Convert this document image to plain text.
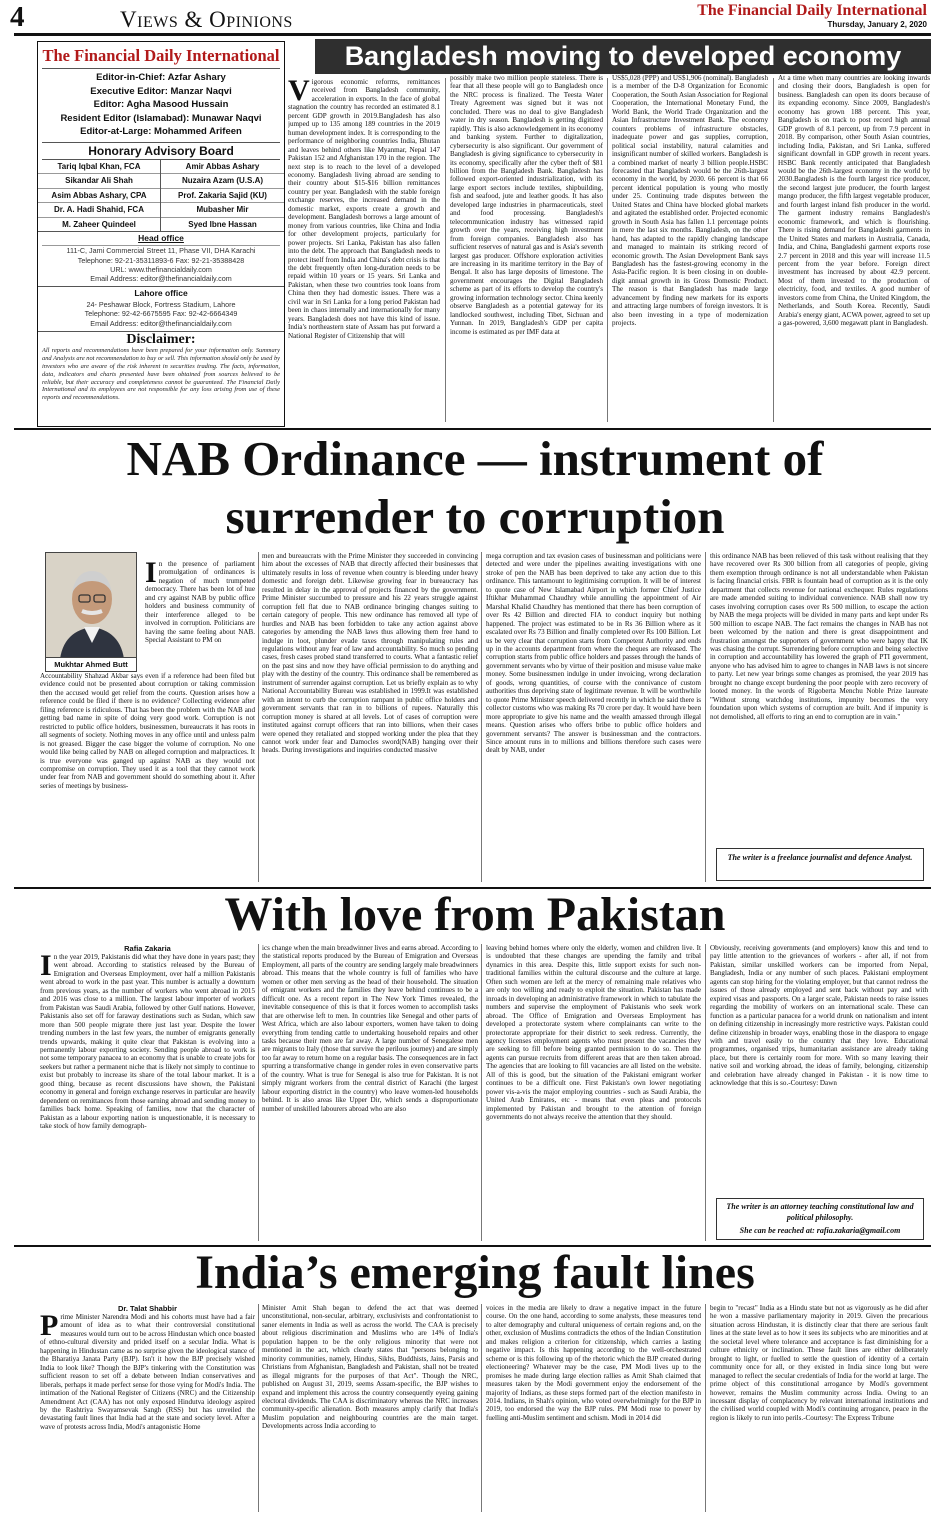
4	Views & Opinions	The Financial Daily International
Thursday, January 2, 2020
The Financial Daily International
Editor-in-Chief: Azfar Ashary
Executive Editor: Manzar Naqvi
Editor: Agha Masood Hussain
Resident Editor (Islamabad): Munawar Naqvi
Editor-at-Large: Mohammed Arifeen
Honorary Advisory Board
Tariq Iqbal Khan, FCA
Sikandar Ali Shah
Asim Abbas Ashary, CPA
Dr. A. Hadi Shahid, FCA
M. Zaheer Quindeel
Amir Abbas Ashary
Nuzaira Azam (U.S.A)
Prof. Zakaria Sajid (KU)
Mubasher Mir
Syed Ibne Hassan
Head office
111-C, Jami Commercial Street 11, Phase VII, DHA Karachi
Telephone: 92-21-35311893-6 Fax: 92-21-35388428
URL: www.thefinancialdaily.com
Email Address: editor@thefinancialdaily.com
Lahore office
24- Peshawar Block, Fortress Stadium, Lahore
Telephone: 92-42-6675595 Fax: 92-42-6664349
Email Address: editor@thefinancialdaily.com
Disclaimer:
All reports and recommendations have been prepared for your information only. Summary and Analysis are not recommendation to buy or sell. This information should only be used by investors who are aware of the risk inherent in securities trading. The facts, information, data, indicators and charts presented have been obtained from sources believed to be reliable, but their accuracy and completeness cannot be guaranteed. The Financial Daily International and its employees are not responsible for any loss arising from use of these reports and recommendations.
Bangladesh moving to developed economy
Vigorous economic reforms, remittances received from Bangladesh community, acceleration in exports. In the face of global stagnation the country has recorded an estimated 8.1 percent GDP growth in 2019.Bangladesh has also jumped up to 135 among 189 countries in the 2019 human development index. It is corresponding to the performance of neighboring countries India, Bhutan and leaves behind others like Myanmar, Nepal 147 Pakistan 152 and Afghanistan 170 in the region. The next step is to reach to the level of a developed economy. Bangladesh living abroad are sending to their country about $15-$16 billion remittances country per year. Bangladesh with the stable foreign exchange reserves, the increased demand in the domestic market, exports create a growth and development. Bangladesh borrows a large amount of money from various countries, like China and India for other development projects, particularly for power projects. Sri Lanka, Pakistan has also fallen into the debt. The approach that Bangladesh needs to protect itself from India and China's debt crisis is that the debt frequently often long-duration needs to be repaid within 10 years or 15 years. Sri Lanka and Pakistan, when these two countries took loans from China then they had domestic issues. There was a civil war in Sri Lanka for a long period Pakistan had been in chaos internally and internationally for many years. Bangladesh does not have this kind of issue. India's northeastern state of Assam has put forward a National Register of Citizenship that will
possibly make two million people stateless. There is fear that all these people will go to Bangladesh once the NRC process is finalized. The Teesta Water Treaty Agreement was signed but it was not concluded. There was no deal to give Bangladesh water in dry season. Bangladesh is getting digitized rapidly. This is also acknowledgement in its economy and banking system. Further to digitalization, cybersecurity is also significant. Our government of Bangladesh is giving significance to cybersecurity in its economy, specifically after the cyber theft of $81 billion from the Bangladesh Bank. Bangladesh has followed export-oriented industrialization, with its large export sectors include textiles, shipbuilding, fish and seafood, jute and leather goods. It has also developed large industries in pharmaceuticals, steel and food processing. Bangladesh's telecommunication industry has witnessed rapid growth over the years, receiving high investment from foreign companies. Bangladesh also has sufficient reserves of natural gas and is Asia's seventh largest gas producer. Offshore exploration activities are increasing in its maritime territory in the Bay of Bengal. It also has large deposits of limestone. The government encourages the Digital Bangladesh scheme as part of its efforts to develop the country's growing information technology sector. China keenly observe Bangladesh as a potential gateway for its landlocked southwest, including Tibet, Sichuan and Yunnan. In 2019, Bangladesh's GDP per capita income is estimated as per IMF data at
US$5,028 (PPP) and US$1,906 (nominal). Bangladesh is a member of the D-8 Organization for Economic Cooperation, the South Asian Association for Regional Cooperation, the International Monetary Fund, the World Bank, the World Trade Organization and the Asian Infrastructure Investment Bank. The economy counters problems of infrastructure obstacles, inadequate power and gas supplies, corruption, political social instability, natural calamities and insignificant number of skilled workers. Bangladesh is a combined market of nearly 3 billion people.HSBC forecasted that Bangladesh would be the 26th-largest economy in the world, by 2030. 66 percent is that 66 percent identical population is young who mostly under 25. Continuing trade disputes between the United States and China have blocked global markets and agitated the established order. Projected economic growth in South Asia has fallen 1.1 percentage points in mere the last six months. Bangladesh, on the other hand, has adapted to the rapidly changing landscape and managed to maintain its striking record of economic growth. The Asian Development Bank says Bangladesh has the fastest-growing economy in the Asia-Pacific region. It is been closing in on double-digit annual growth in its Gross Domestic Product. The reason is that Bangladesh has made large advancement by finding new markets for its exports and attracting large numbers of foreign investors. It is also been investing in a type of modernization projects.
At a time when many countries are looking inwards and closing their doors, Bangladesh is open for business. Bangladesh can open its doors because of its expanding economy. Since 2009, Bangladesh's economy has grown 188 percent. This year, Bangladesh is on track to post record high annual GDP growth of 8.1 percent, up from 7.9 percent in 2018. By comparison, other South Asian countries, including India, Pakistan, and Sri Lanka, suffered significant downfall in GDP growth in recent years. HSBC Bank recently anticipated that Bangladesh would be the 26th-largest economy in the world by 2030.Bangladesh is the fourth largest rice producer, the second largest jute producer, the fourth largest mango producer, the fifth largest vegetable producer, and fourth largest inland fish producer in the world. The garment industry remains Bangladesh's economic framework, and which is flourishing. There is rising demand for Bangladeshi garments in the United States and markets in Australia, Canada, India, and China, Bangladeshi garment exports rose 2.7 percent in 2018 and this year will increase 11.5 percent from the year before. Foreign direct investment has increased by about 42.9 percent. Most of them invested to the production of electricity, food, and textiles. A good number of investors come from China, the United Kingdom, the Netherlands, and South Korea. Recently, Saudi Arabia's energy giant, ACWA power, agreed to set up a gas-powered, 3,600 megawatt plant in Bangladesh.
NAB Ordinance — instrument of surrender to corruption
Mukhtar Ahmed Butt
In the presence of parliament promulgation of ordinances is negation of much trumpeted democracy. There has been lot of hue and cry against NAB by public office holders and business community of their interference alleged to be involved in corruption. Politicians are having the same feeling about NAB. Special Assistant to PM on
Accountability Shahzad Akbar says even if a reference had been filed but evidence could not be presented about corruption or taking commission then the accused would get relief from the courts. Question arises how a reference could be filed if there is no evidence? Collecting evidence after filing reference is ridiculous. That has been the problem with the NAB and getting bad name in spite of doing very good work. Corruption is not restricted to public office holders, businessmen, bureaucrats it has roots in all segments of society. Nothing moves in any office until and unless palm is not greased. Bigger the case bigger the volume of corruption. No one would like being called by NAB on alleged corruption and malpractices. It is true everyone was ganged up against NAB as they would not compromise on corruption. They used it as a tool that they cannot work under fear from NAB and government should do something about it. After series of meetings by business-
men and bureaucrats with the Prime Minister they succeeded in convincing him about the excesses of NAB that directly affected their businesses that ultimately results in loss of revenue when country is bleeding under heavy domestic and foreign debt. Likewise growing fear in bureaucracy has resulted in delay in the approval of projects financed by the government. Prime Minister succumbed to pressure and his 22 years struggle against corruption fell flat due to NAB ordinance bringing changes suiting to certain category of people. This new ordinance has removed all type of hurdles and NAB has been forbidden to take any action against above categories by amending the NAB laws thus allowing them free hand to indulge in loot, plunder evade taxes through manipulating rules and regulations without any fear of law and accountability. So much so pending cases, fresh cases probed stand transferred to courts. What a fantastic relief on the past sins and now they have official permission to do anything and play with the destiny of the country. This ordinance shall be remembered as instrument of surrender against corruption. Let us briefly explain as to why National Accountability Bureau was established in 1999.It was established with an intent to curb the corruption rampant in public office holders and government servants that ran in to billions of rupees. Naturally this corruption money is shared at all levels. Lot of cases of corruption were instituted against corrupt officers that ran into billions, when their cases were opened they retaliated and stopped working under the plea that they cannot work under fear and Damocles sword(NAB) hanging over their heads. During investigations and inquiries conducted massive
mega corruption and tax evasion cases of businessman and politicians were detected and were under the pipelines awaiting investigations with one stroke of pen the NAB has been deprived to take any action due to this ordinance. This tantamount to legitimising corruption. It will be of interest to quote case of New Islamabad Airport in which former Chief Justice Iftikhar Muhammad Chaudhry while annulling the appointment of Air Marshal Khalid Chaudhry has mentioned that there has been corruption of over Rs 42 Billion and directed FIA to conduct inquiry but nothing happened. The project was estimated to be in Rs 36 Billion where as it escalated over Rs 73 Billion and finally completed over Rs 100 Billion. Let us be very clear that corruption starts from Competent Authority and ends up in the accounts department from where the cheques are released. The corruption starts from public office holders and passes through the hands of government servants who by virtue of their position and misuse value make money. Some businessmen indulge in under invoicing, wrong declaration of goods, wrong quantities, of course with the connivance of custom authorities thus depriving state of legitimate revenue. It will be worthwhile to quote Prime Minister speech delivered recently in which he said there is collector customs who was making Rs 70 crore per day. It would have been more appropriate to give his name and the wealth amassed through illegal means. Question arises who offers bribe to public office holders and government servants? The answer is businessman and the contractors. Since amount runs in to millions and billions therefore such cases were dealt by NAB, under
this ordinance NAB has been relieved of this task without realising that they have recovered over Rs 300 billion from all categories of people, giving them exemption through ordinance is not all understandable when Pakistan is facing financial crisis. FBR is fountain head of corruption as it is the only department that collects revenue for national exchequer. Rules regulations are made amended suiting to individual convenience. NAB shall now try cases involving corruption cases over Rs 500 million, to escape the action by NAB the mega projects will be divided in many parts and kept under Rs 500 million to escape NAB. The fact remains the changes in NAB has not been welcomed by the nation and there is great disappointment and frustration amongst the supporters of government who were happy that IK was chasing the corrupt. Surrendering before corruption and being selective in corruption and accountability has lowered the graph of PTI government, anyone who has advised him to agree to changes in NAB laws is not sincere to party. Let new year brings some changes as promised, the year 2019 has brought no change except burdening the poor people with zero recovery of looted money. In the words of Rigoberta Menchu Noble Prize laureate "Without strong watchdog institutions, impunity becomes the very foundation upon which systems of corruption are built. And if impunity is not demolished, all efforts to ring an end to corruption are in vain."
The writer is a freelance journalist and defence Analyst.
With love from Pakistan
Rafia Zakaria
In the year 2019, Pakistanis did what they have done in years past; they went abroad. According to statistics released by the Bureau of Emigration and Overseas Employment, over half a million Pakistanis went abroad to work in the past year. This number is actually a downturn from previous years, as the number of workers who went abroad in 2015 and 2016 was close to a million. The largest labour importer of workers from Pakistan was Saudi Arabia, followed by other Gulf nations. However, Pakistanis also set off for faraway destinations such as Sudan, which saw more than 500 people migrate there just last year. Despite the lower trending numbers in the last few years, the number of emigrants generally trends upwards, making it quite clear that Pakistan is evolving into a permanently labour exporting society. Sending people abroad to work is not some temporary panacea to an economy that is unable to create jobs for seekers but rather a permanent niche that is likely not simply to continue to exist but probably to increase its share of the total labour market. It is a good thing, because as recent discussions have shown, the Pakistani economy in general and foreign exchange reserves in particular are heavily dependent on remittances from those earning abroad and sending money to families back home. Speaking of families, now that the character of Pakistan as a labour exporting nation is unquestionable, it is necessary to take stock of how family demograph-
ics change when the main breadwinner lives and earns abroad. According to the statistical reports produced by the Bureau of Emigration and Overseas Employment, all parts of the country are sending largely male breadwinners abroad. This means that the whole country is full of families who have women or other men serving as the head of their household. The situation of emigrant workers and the families they leave behind continues to be a difficult one. As a recent report in The New York Times revealed, the inevitable consequence of this is that it forces women to accomplish tasks that are otherwise left to men. In countries like Senegal and other parts of West Africa, which are also labour exporters, women have taken to doing everything from tending cattle to undertaking household repairs and other tasks because their men are far away. A large number of Senegalese men are migrants to Italy (those that survive the perilous journey) and are simply too far away to return home on a regular basis. The consequences are in fact spurring a transformative change in gender roles in even conservative parts of the country. What is true for Senegal is also true for Pakistan. It is not simply migrant workers from the central district of Karachi (the largest labour exporting district in the country) who leave women-led households behind. It is also areas like Upper Dir, which sends a disproportionate number of unskilled labourers abroad who are also
leaving behind homes where only the elderly, women and children live. It is undoubted that these changes are upending the family and tribal dynamics in this area. Despite this, little support exists for such non-traditional families within the cultural discourse and the culture at large. Often such women are left at the mercy of remaining male relatives who are only too willing and ready to exploit the situation. Pakistan has made inroads in developing an administrative framework in which to tabulate the numbers and supervise the employment of Pakistanis who seek work abroad. The Office of Emigration and Overseas Employment has developed a protectorate system where complainants can write to the protectorate appropriate for their district to seek redress. Currently, the agency licenses employment agents who must present the vacancies they are seeking to fill before being granted permission to do so. Then the agents can pursue recruits from different areas that are then taken abroad. The agencies that are looking to fill vacancies are all listed on the website. All of this is good, but the situation of the Pakistani emigrant worker continues to be a difficult one. First Pakistan's own lower negotiating power vis-a-vis the major employing countries - such as Saudi Arabia, the United Arab Emirates, etc - means that even pleas and protocols implemented by Pakistan and brought to the attention of foreign governments do not always receive the attention that they should.
Obviously, receiving governments (and employers) know this and tend to pay little attention to the grievances of workers - after all, if not from Pakistan, similar unskilled workers can be imported from Nepal, Bangladesh, India or any number of such places. Pakistani employment agents can stop hiring for the violating employer, but that cannot redress the issues of those already employed and sent back without pay and with expired visas and passports. On a larger scale, Pakistan needs to raise issues regarding the mobility of workers on an international scale. These can function as a particular panacea for a world drunk on nationalism and intent on defining citizenship in increasingly more restrictive ways. Pakistan could define citizenship in broader ways, enabling those in the diaspora to engage with and travel easily to the country that they love. Educational programmes, organised trips, humanitarian assistance are already taking place, but there is certainly room for more. With so many leaving their native soil and working abroad, the ideas of family, belonging, citizenship and celebration have already changed in Pakistan - it is now time to acknowledge that this is so.-Courtesy: Dawn
The writer is an attorney teaching constitutional law and political philosophy.
She can be reached at: rafia.zakaria@gmail.com
India’s emerging fault lines
Dr. Talat Shabbir
Prime Minister Narendra Modi and his cohorts must have had a fair amount of idea as to what their controversial constitutional measures would turn out to be across Hindustan which once boasted of ethno-cultural diversity and prided itself on a secular India. What is happening in Hindustan came as no surprise given the ideological stance of the Bharatiya Janata Party (BJP). Isn't it how the BJP precisely wished India to look like? Though the BJP's tinkering with the Constitution was sufficient reason to set off a debate between Indian conservatives and liberals, perhaps it made perfect sense for those vying for Modi's India. The intimation of the National Register of Citizens (NRC) and the Citizenship Amendment Act (CAA) has not only exposed Hindutva ideology aspired by the Rashtriya Swayamsevak Sangh (RSS) but has unveiled the devastating fault lines that India had at the state and society level. After a wave of protests across India, Modi's antagonistic Home
Minister Amit Shah began to defend the act that was deemed unconstitutional, non-secular, arbitrary, exclusivists and confrontationist to saner elements in India as well as across the world. The CAA is precisely about religious discrimination and Muslims who are 14% of India's population happen to be the only religious minority that were not mentioned in the act, which clearly states that "persons belonging to minority communities, namely, Hindus, Sikhs, Buddhists, Jains, Parsis and Christians from Afghanistan, Bangladesh and Pakistan, shall not be treated as illegal migrants for the purposes of that Act". Though the NRC, published on August 31, 2019, seems Assam-specific, the BJP wishes to expand and implement this across the country consequently eyeing gaining electoral dividends. The CAA is discriminatory whereas the NRC increases community-specific alienation. Both measures amply clarify that India's Muslim population and neighbouring countries are the main target. Developments across India according to
voices in the media are likely to draw a negative impact in the future course. On the one hand, according to some analysts, these measures tend to alter demography and cultural uniqueness of certain regions and, on the other, exclusion of Muslims contradicts the ethos of the Indian Constitution and makes religion a criterion for citizenship, which carries a lasting negative impact. Is this happening according to the well-orchestrated scheme or is this following up of the rhetoric which the BJP created during electioneering? Whatever may be the case, PM Modi lives up to the promises he made during large election rallies as Amit Shah claimed that measures taken by the Modi government enjoy the endorsement of the majority of Indians, as these steps formed part of the election manifesto in 2014. Indians, in Shah's opinion, who voted overwhelmingly for the BJP in 2019, too endorsed the way the BJP rules. PM Modi rose to power by fuelling anti-Muslim sentiment and schism. Modi in 2014 did
begin to "recast" India as a Hindu state but not as vigorously as he did after he won a massive parliamentary majority in 2019. Given the precarious situation across Hindustan, it is distinctly clear that there are serious fault lines at the state level as to how it sees its subjects who are minorities and at the societal level where tolerance and acceptance is fast diminishing for a culture ethnicity or inclination. These fault lines are either deliberately brought to light, or fuelled to settle the question of identity of a certain community once for all, or they existed in India since long but were managed to reflect the secular credentials of India for the world at large. The prime object of this constitutional arrogance by Modi's government however, remains the Muslim community across India. Owing to an incessant display of complacency by relevant international institutions and the civilised world coupled with Modi's continuing arrogance, peace in the region is likely to run into perils.-Courtesy: The Express Tribune
